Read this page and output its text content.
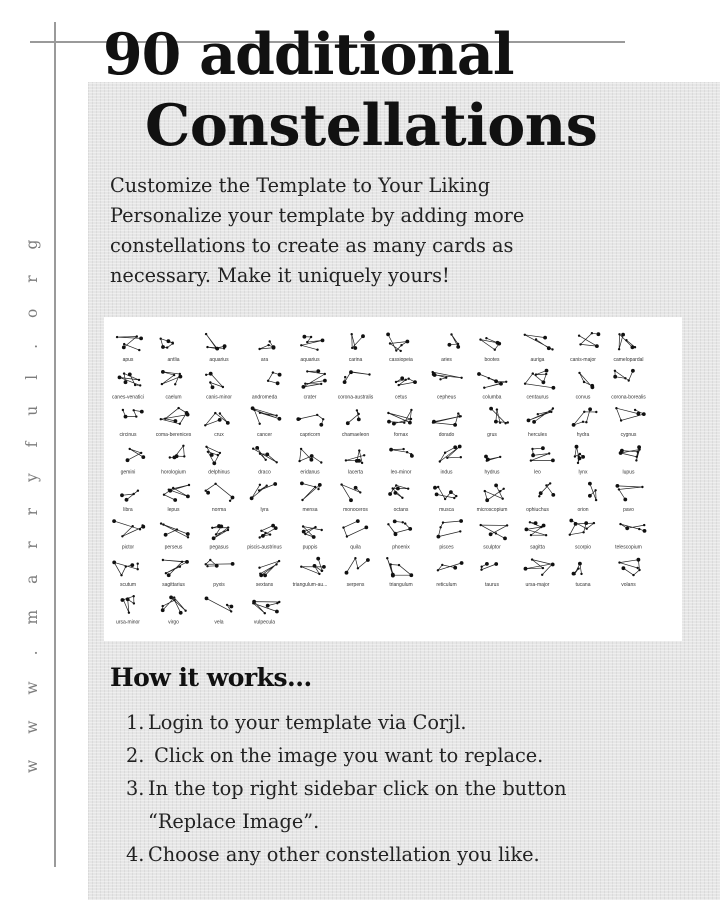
w w w . m a r r y f u l . o r g
90 additional
Constellations
Customize the Template to Your Liking
Personalize your template by adding more
constellations to create as many cards as
necessary. Make it uniquely yours!
apus	antlia	aquarius	ara	aquarius	carina	cassiopeia	aries	bootes	auriga	canis-major	camelopardal
canes-venatici	caelum	canis-minor	andromeda	crater	corona-australis	cetus	cepheus	columba	centaurus	corvus	corona-borealis
circinus	coma-berenices	crux	cancer	capricorn	chamaeleon	fornax	dorado	grus	hercules	hydra	cygnus
gemini	horologium	delphinus	draco	eridanus	lacerta	leo-minor	indus	hydrus	leo	lynx	lupus
libra	lepus	norma	lyra	mensa	monoceros	octans	musca	microscopium	ophiuchus	orion	pavo
pictor	perseus	pegasus	piscis-austrinus	puppis	quila	phoenix	pisces	sculptor	sagitta	scorpio	telescopium
scutum	sagittarius	pyxis	sextans	triangulum-au...	serpens	triangulum	reticulum	taurus	ursa-major	tucana	volans
ursa-minor	virgo	vela	vulpecula
How it works...
1. Login to your template via Corjl.
2. Click on the image you want to replace.
3. In the top right sidebar click on the button
“Replace Image”.
4. Choose any other constellation you like.
